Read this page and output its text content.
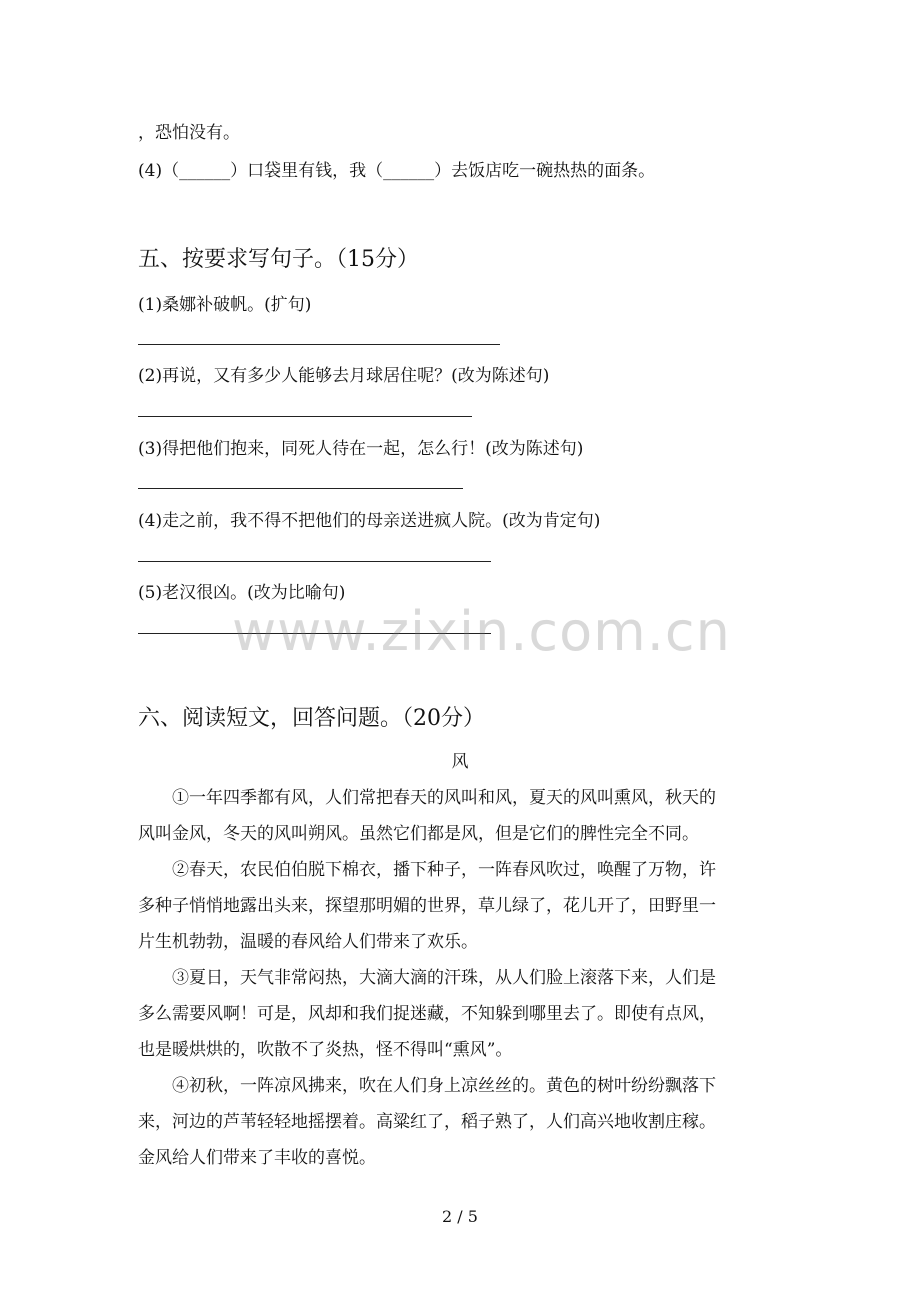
，恐怕没有。
(4)（______）口袋里有钱，我（______）去饭店吃一碗热热的面条。
五、按要求写句子。（15分）
(1)桑娜补破帆。(扩句)
(2)再说，又有多少人能够去月球居住呢？(改为陈述句)
(3)得把他们抱来，同死人待在一起，怎么行！(改为陈述句)
(4)走之前，我不得不把他们的母亲送进疯人院。(改为肯定句)
(5)老汉很凶。(改为比喻句)
六、阅读短文，回答问题。（20分）
风
①一年四季都有风，人们常把春天的风叫和风，夏天的风叫熏风，秋天的
风叫金风，冬天的风叫朔风。虽然它们都是风，但是它们的脾性完全不同。
②春天，农民伯伯脱下棉衣，播下种子，一阵春风吹过，唤醒了万物，许
多种子悄悄地露出头来，探望那明媚的世界，草儿绿了，花儿开了，田野里一
片生机勃勃，温暖的春风给人们带来了欢乐。
③夏日，天气非常闷热，大滴大滴的汗珠，从人们脸上滚落下来，人们是
多么需要风啊！可是，风却和我们捉迷藏，不知躲到哪里去了。即使有点风，
也是暖烘烘的，吹散不了炎热，怪不得叫“熏风”。
④初秋，一阵凉风拂来，吹在人们身上凉丝丝的。黄色的树叶纷纷飘落下
来，河边的芦苇轻轻地摇摆着。高粱红了，稻子熟了，人们高兴地收割庄稼。
金风给人们带来了丰收的喜悦。
www.zixin.com.cn
2 / 5
